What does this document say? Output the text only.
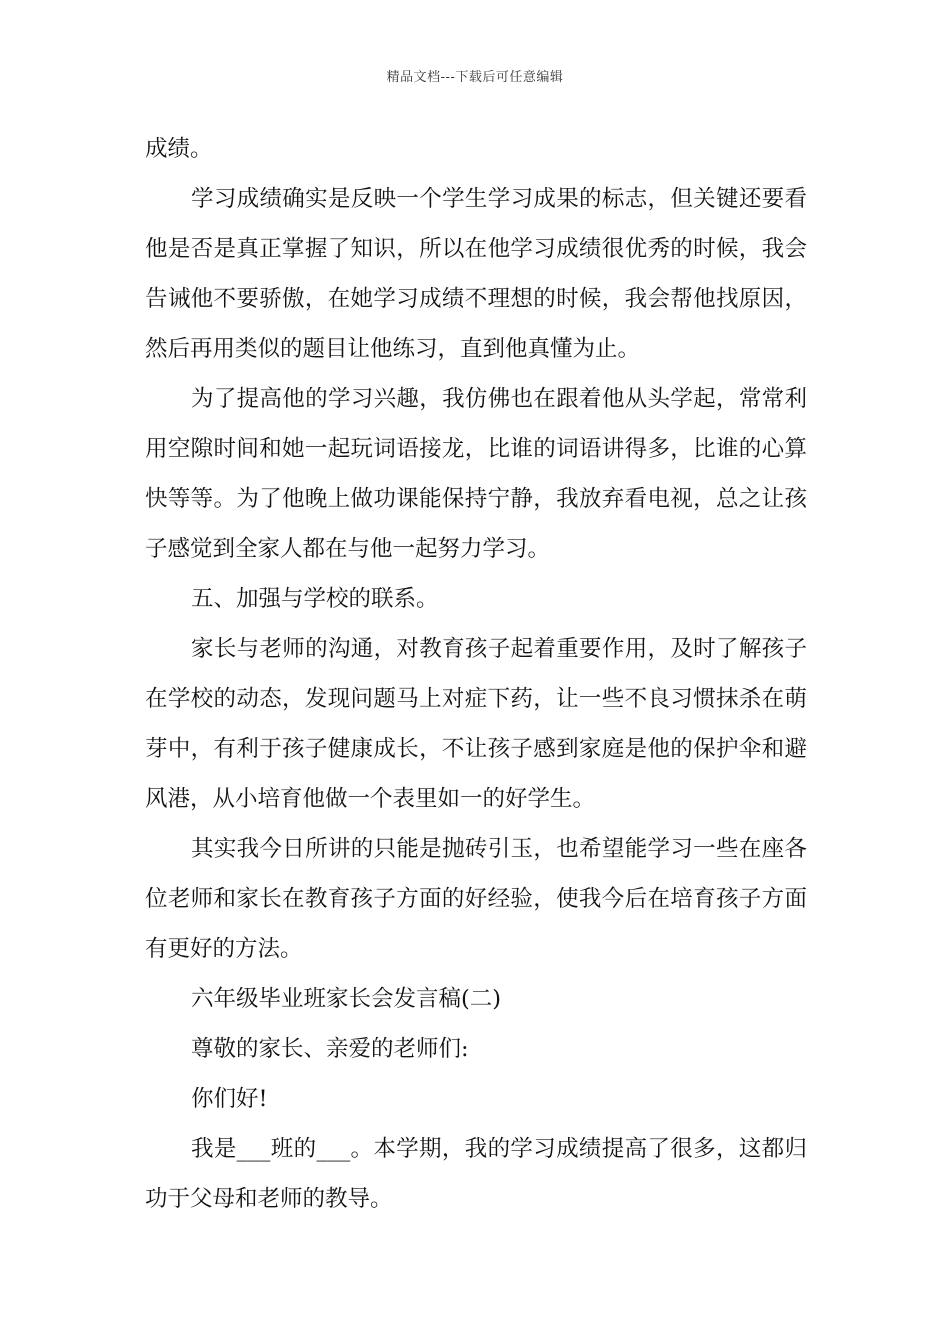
精品文档---下载后可任意编辑

成绩。

学习成绩确实是反映一个学生学习成果的标志，但关键还要看他是否是真正掌握了知识，所以在他学习成绩很优秀的时候，我会告诫他不要骄傲，在她学习成绩不理想的时候，我会帮他找原因，然后再用类似的题目让他练习，直到他真懂为止。

为了提高他的学习兴趣，我仿佛也在跟着他从头学起，常常利用空隙时间和她一起玩词语接龙，比谁的词语讲得多，比谁的心算快等等。为了他晚上做功课能保持宁静，我放弃看电视，总之让孩子感觉到全家人都在与他一起努力学习。

五、加强与学校的联系。

家长与老师的沟通，对教育孩子起着重要作用，及时了解孩子在学校的动态，发现问题马上对症下药，让一些不良习惯抹杀在萌芽中，有利于孩子健康成长，不让孩子感到家庭是他的保护伞和避风港，从小培育他做一个表里如一的好学生。

其实我今日所讲的只能是抛砖引玉，也希望能学习一些在座各位老师和家长在教育孩子方面的好经验，使我今后在培育孩子方面有更好的方法。

六年级毕业班家长会发言稿(二)

尊敬的家长、亲爱的老师们:

你们好!

我是___班的___。本学期，我的学习成绩提高了很多，这都归功于父母和老师的教导。
